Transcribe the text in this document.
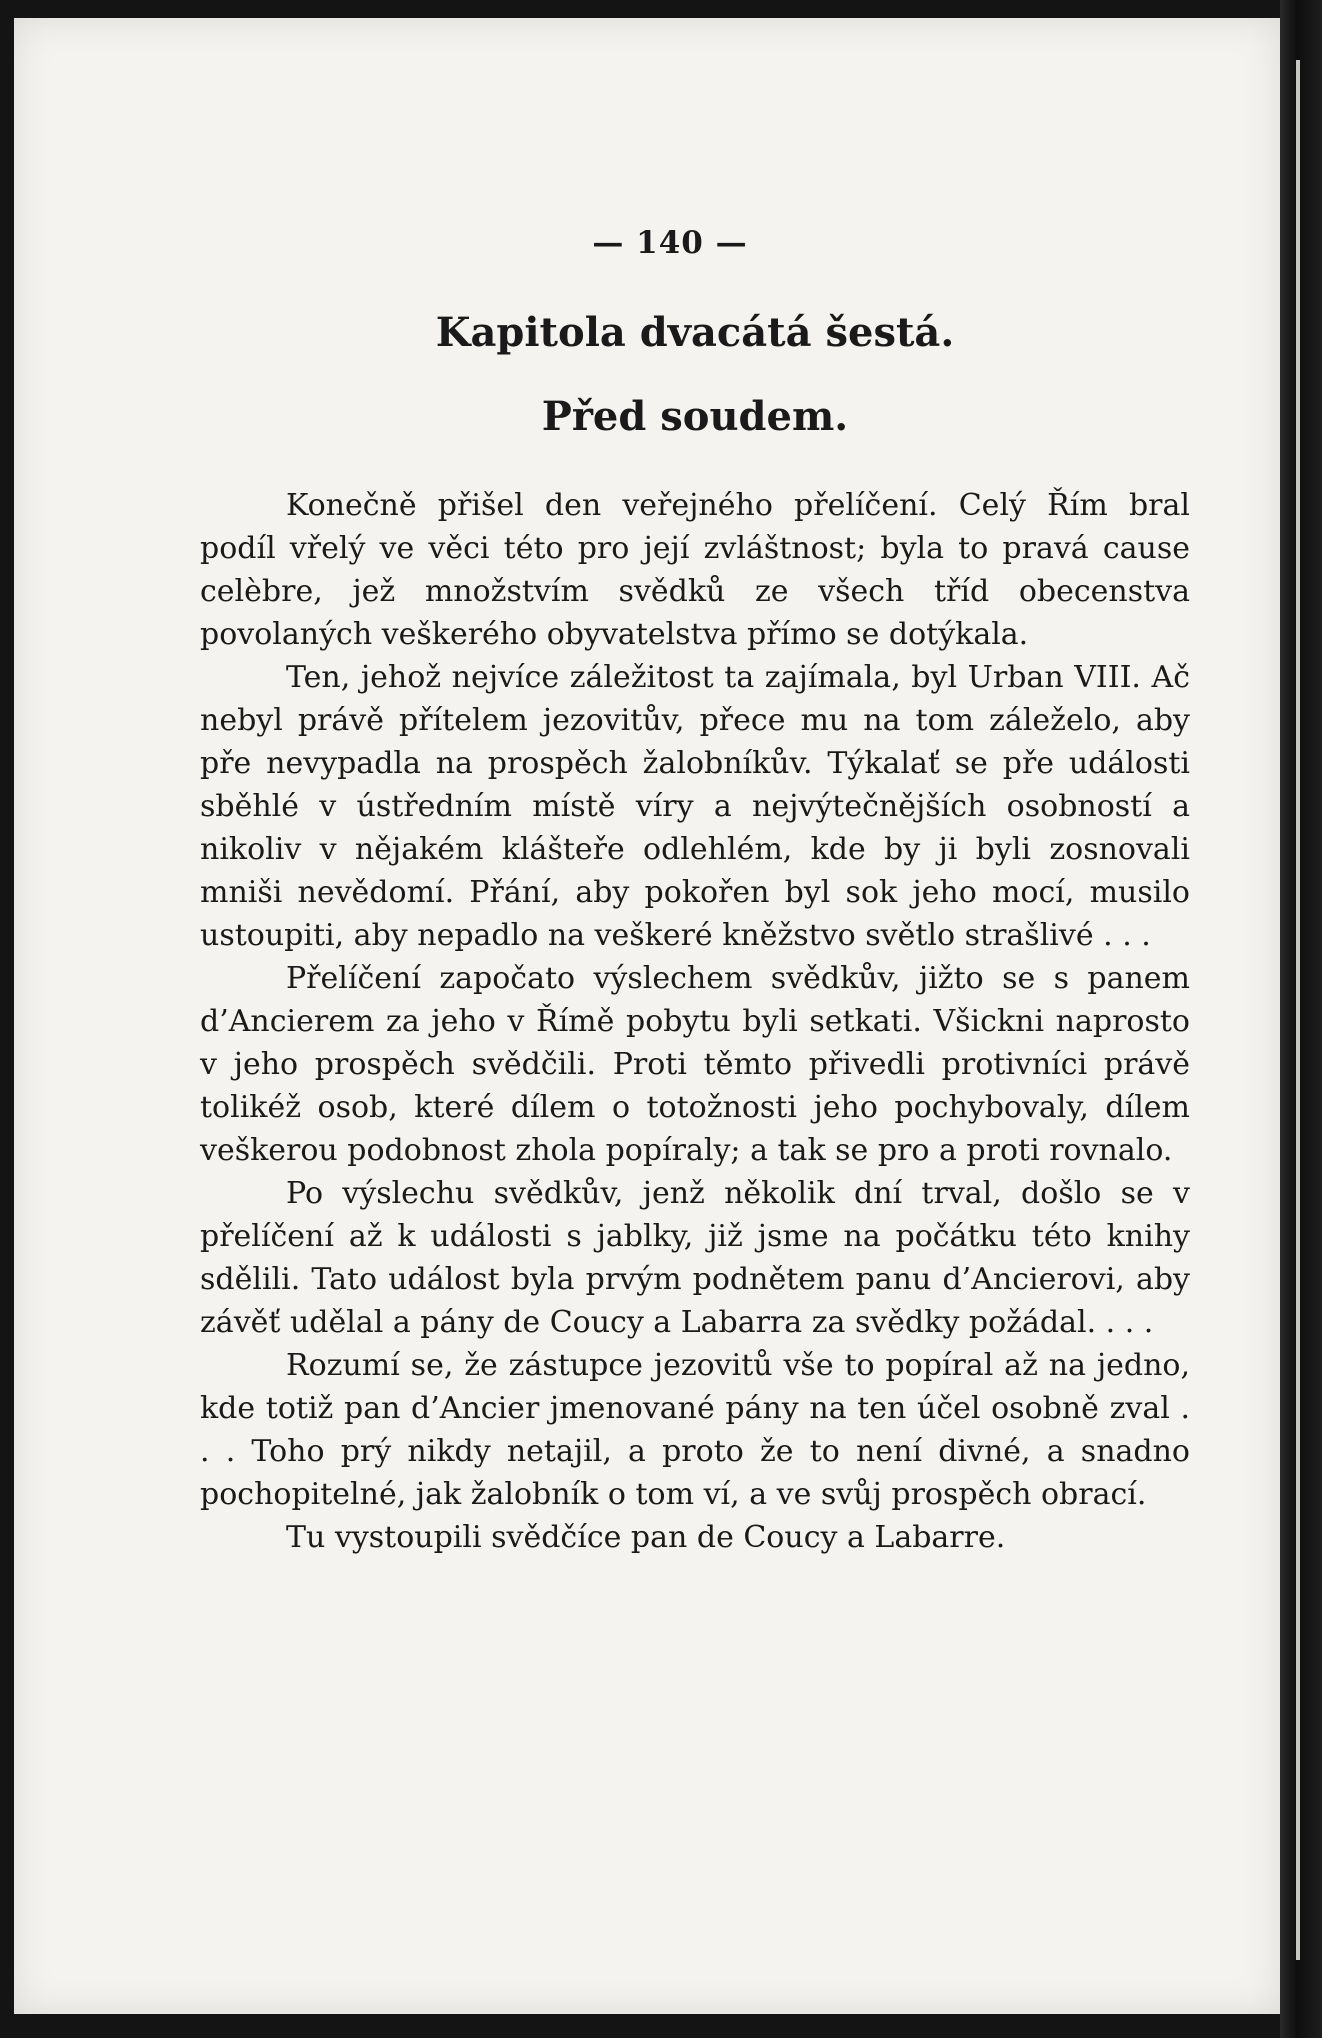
— 140 —
Kapitola dvacátá šestá.
Před soudem.

Konečně přišel den veřejného přelíčení. Celý Řím bral podíl vřelý ve věci této pro její zvláštnost; byla to pravá cause celèbre, jež množstvím svědků ze všech tříd obecenstva povolaných veškerého obyvatelstva přímo se dotýkala.

Ten, jehož nejvíce záležitost ta zajímala, byl Urban VIII. Ač nebyl právě přítelem jezovitův, přece mu na tom záleželo, aby pře nevypadla na prospěch žalobníkův. Týkalať se pře události sběhlé v ústředním místě víry a nejvýtečnějších osobností a nikoliv v nějakém klášteře odlehlém, kde by ji byli zosnovali mniši nevědomí. Přání, aby pokořen byl sok jeho mocí, musilo ustoupiti, aby nepadlo na veškeré kněžstvo světlo strašlivé . . .

Přelíčení započato výslechem svědkův, jižto se s panem d’Ancierem za jeho v Římě pobytu byli setkati. Všickni naprosto v jeho prospěch svědčili. Proti těmto přivedli protivníci právě tolikéž osob, které dílem o totožnosti jeho pochybovaly, dílem veškerou podobnost zhola popíraly; a tak se pro a proti rovnalo.

Po výslechu svědkův, jenž několik dní trval, došlo se v přelíčení až k události s jablky, již jsme na počátku této knihy sdělili. Tato událost byla prvým podnětem panu d’Ancierovi, aby závěť udělal a pány de Coucy a Labarra za svědky požádal. . . .

Rozumí se, že zástupce jezovitů vše to popíral až na jedno, kde totiž pan d’Ancier jmenované pány na ten účel osobně zval . . . Toho prý nikdy netajil, a proto že to není divné, a snadno pochopitelné, jak žalobník o tom ví, a ve svůj prospěch obrací.

Tu vystoupili svědčíce pan de Coucy a Labarre.
